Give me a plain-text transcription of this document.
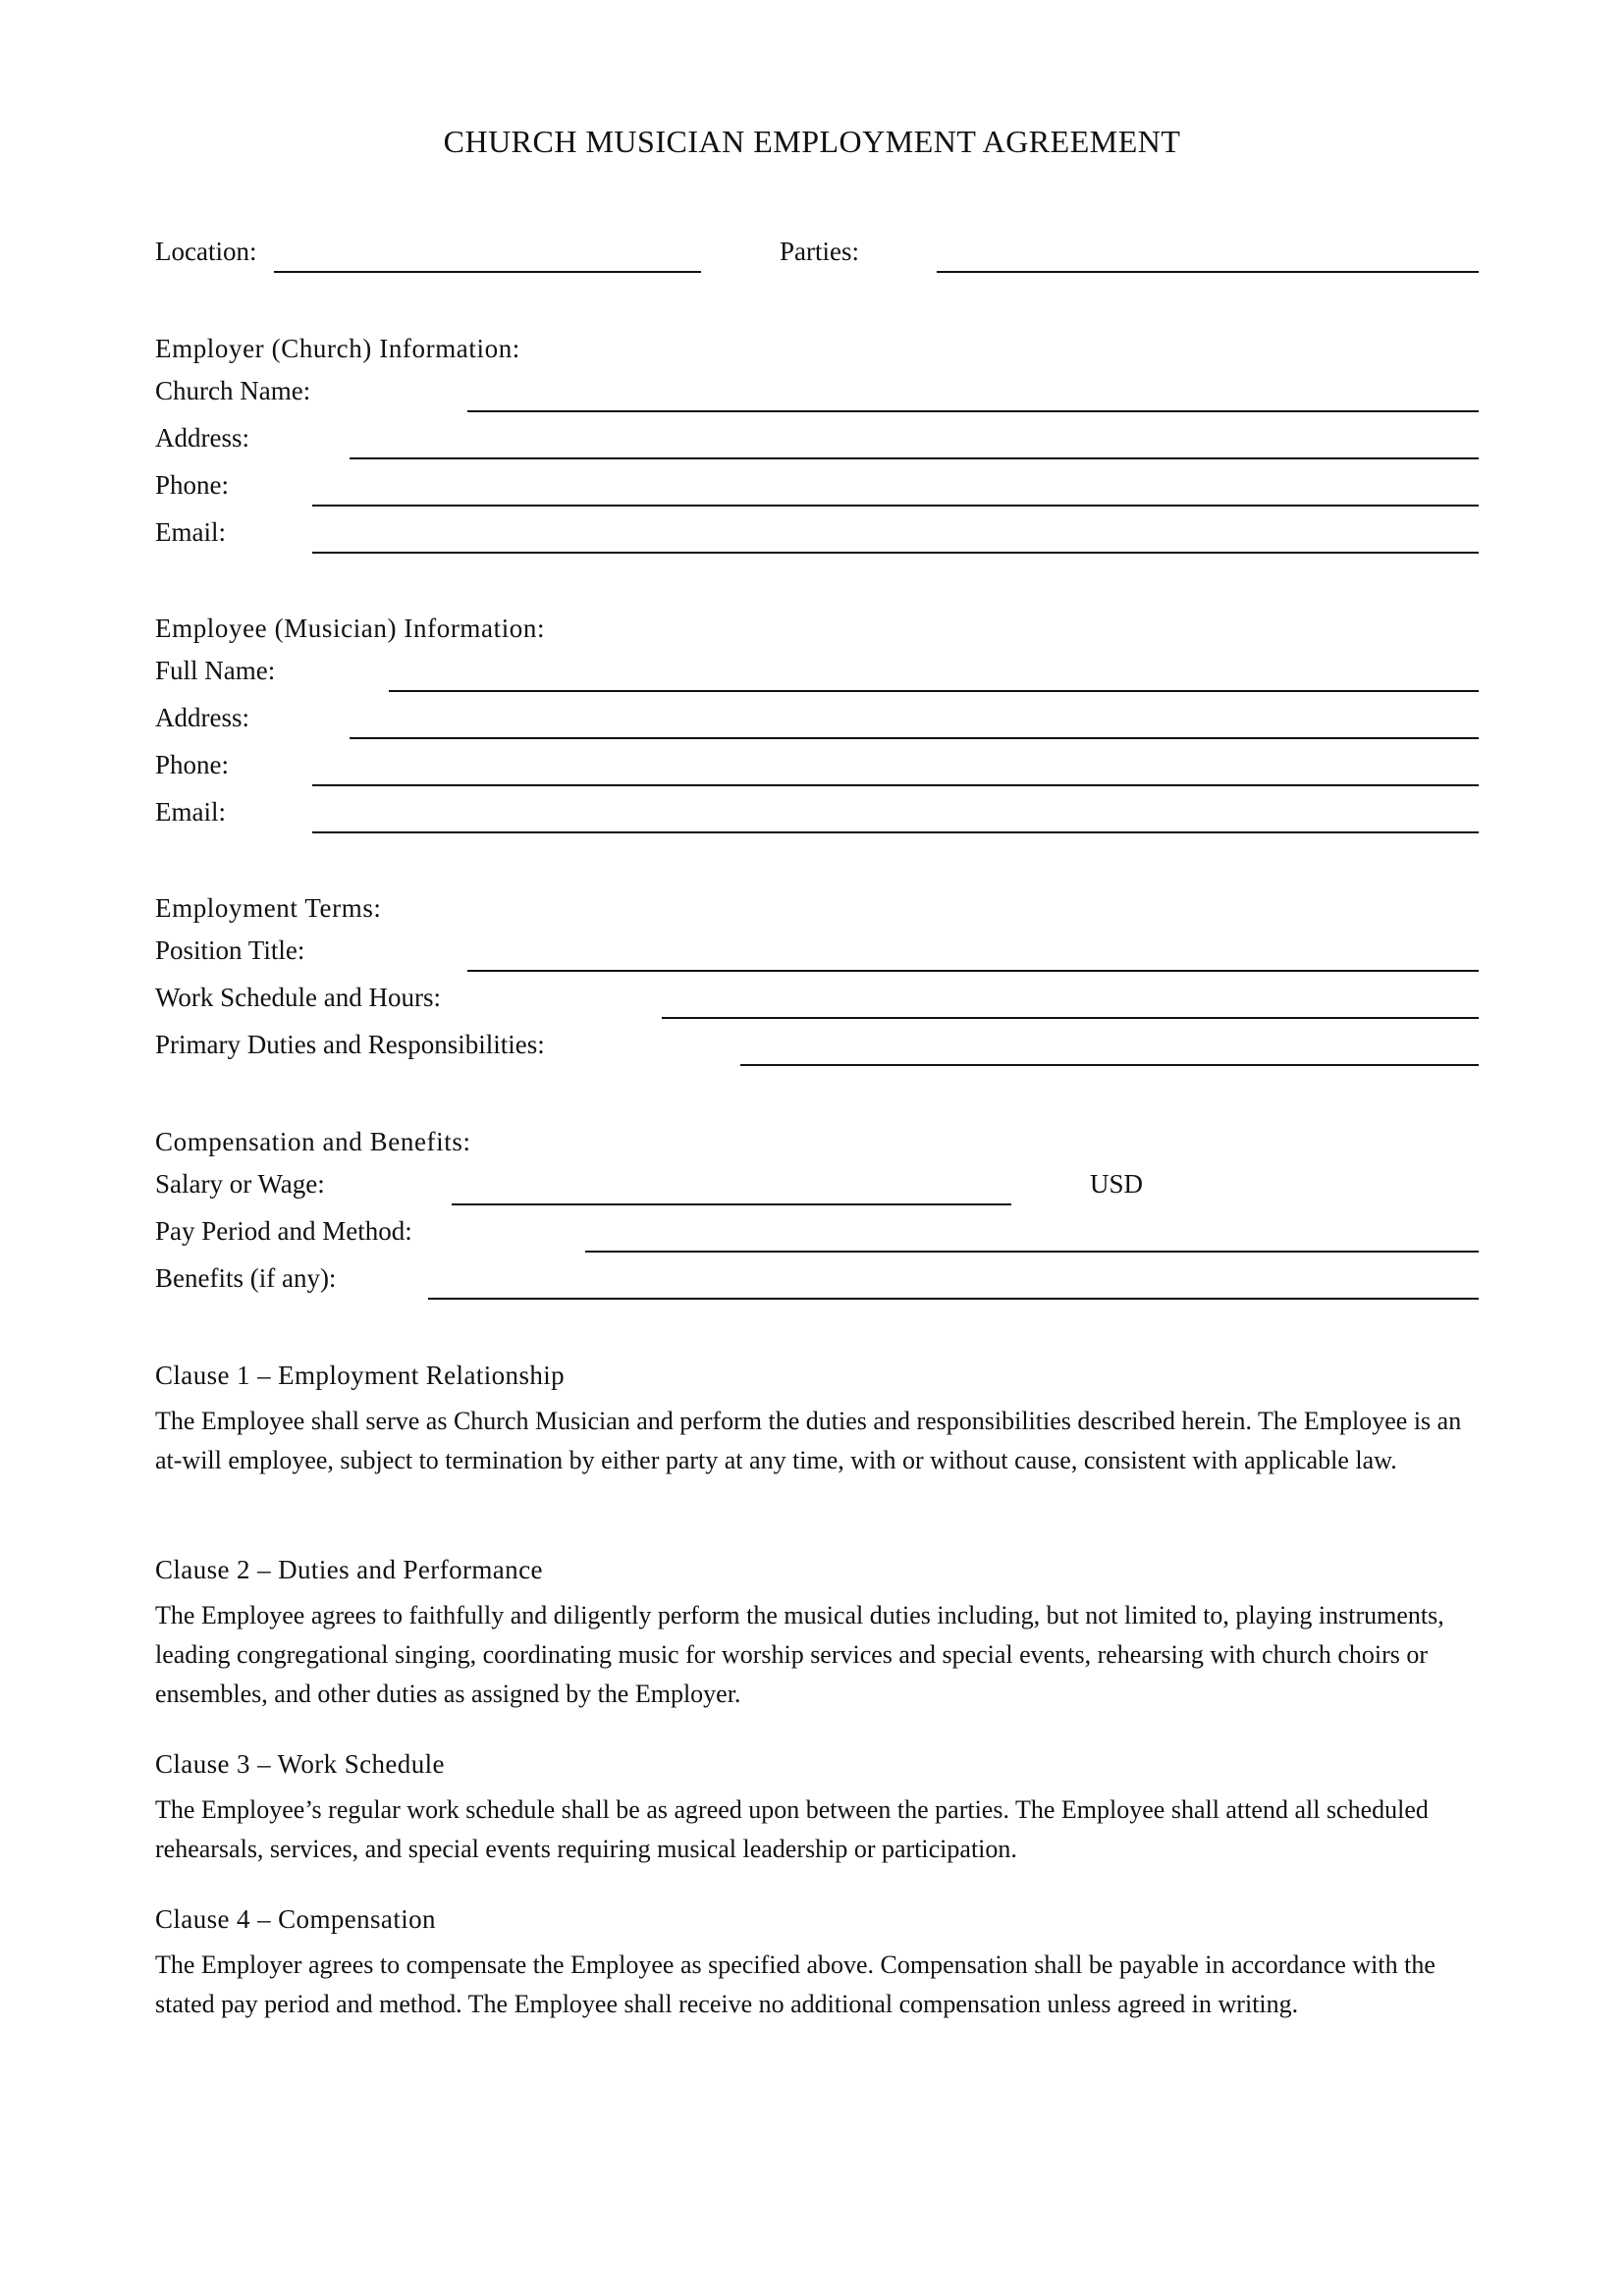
CHURCH MUSICIAN EMPLOYMENT AGREEMENT
Location:	Parties:
Employer (Church) Information:
Church Name:
Address:
Phone:
Email:
Employee (Musician) Information:
Full Name:
Address:
Phone:
Email:
Employment Terms:
Position Title:
Work Schedule and Hours:
Primary Duties and Responsibilities:
Compensation and Benefits:
Salary or Wage:	USD
Pay Period and Method:
Benefits (if any):
Clause 1 – Employment Relationship
The Employee shall serve as Church Musician and perform the duties and responsibilities described herein. The Employee is an at-will employee, subject to termination by either party at any time, with or without cause, consistent with applicable law.
Clause 2 – Duties and Performance
The Employee agrees to faithfully and diligently perform the musical duties including, but not limited to, playing instruments, leading congregational singing, coordinating music for worship services and special events, rehearsing with church choirs or ensembles, and other duties as assigned by the Employer.
Clause 3 – Work Schedule
The Employee’s regular work schedule shall be as agreed upon between the parties. The Employee shall attend all scheduled rehearsals, services, and special events requiring musical leadership or participation.
Clause 4 – Compensation
The Employer agrees to compensate the Employee as specified above. Compensation shall be payable in accordance with the stated pay period and method. The Employee shall receive no additional compensation unless agreed in writing.
